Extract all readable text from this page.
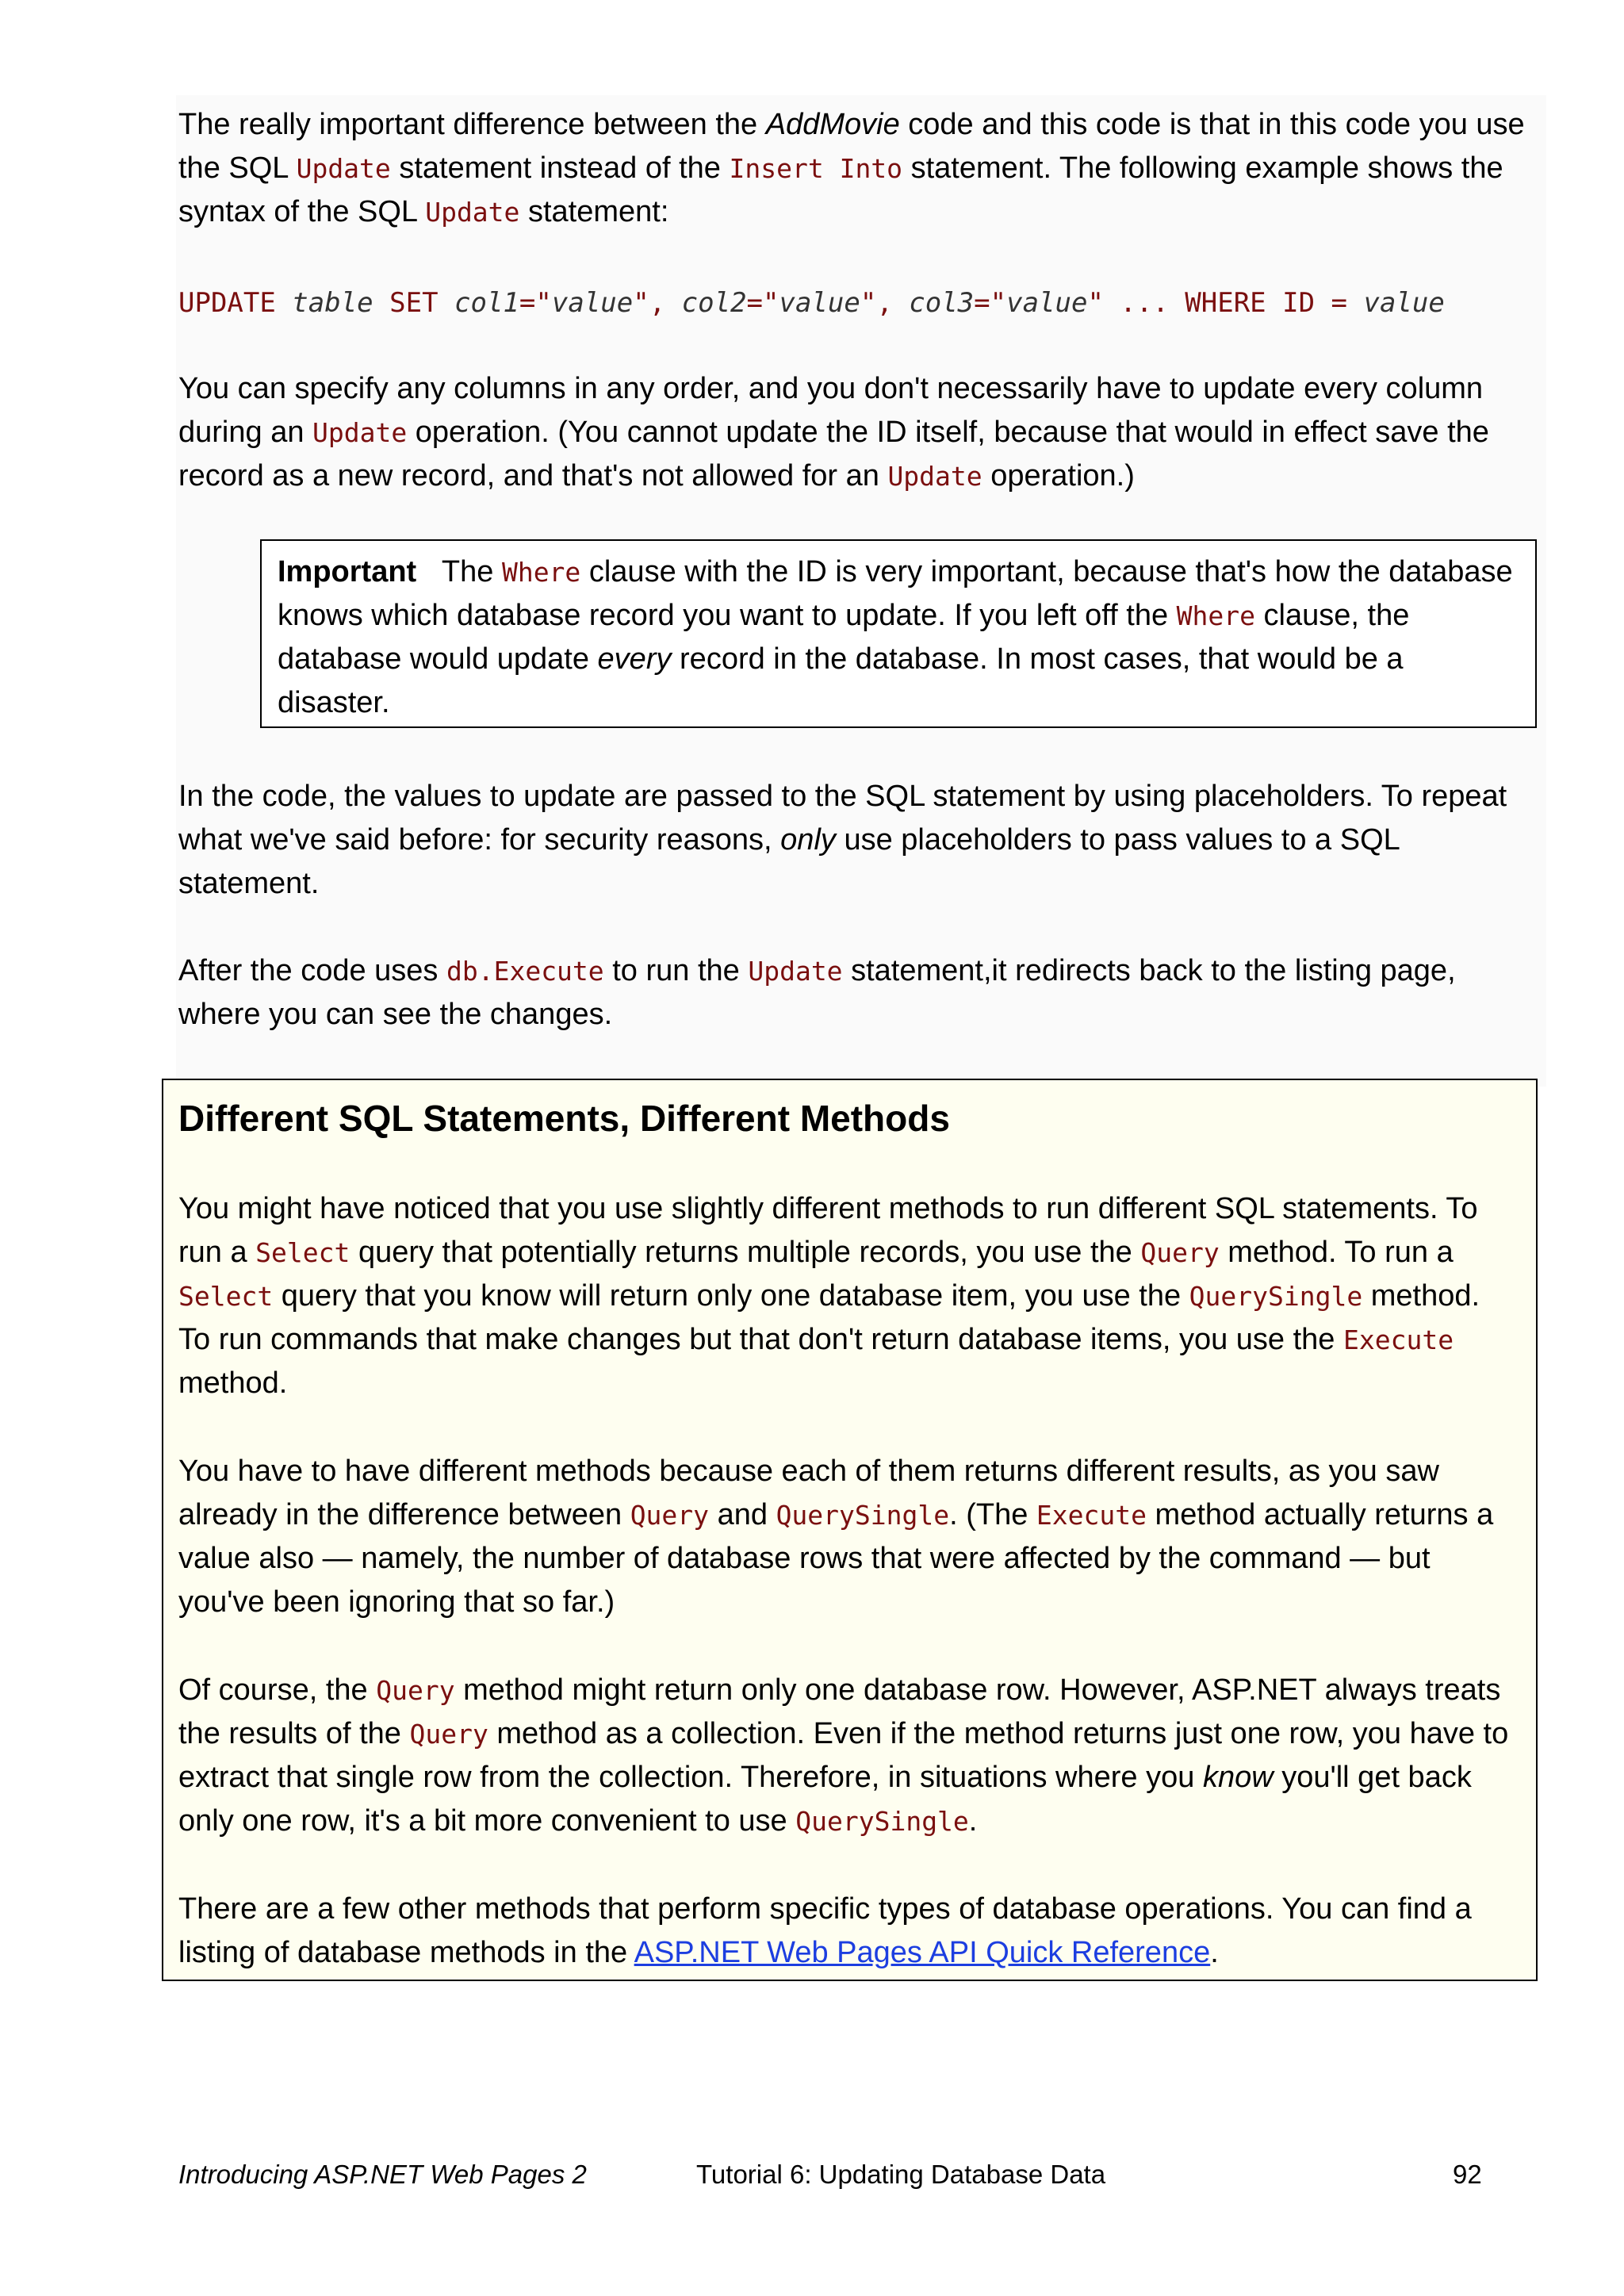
The really important difference between the AddMovie code and this code is that in this code you use the SQL Update statement instead of the Insert Into statement. The following example shows the syntax of the SQL Update statement:

UPDATE table SET col1="value", col2="value", col3="value" ... WHERE ID = value

You can specify any columns in any order, and you don't necessarily have to update every column during an Update operation. (You cannot update the ID itself, because that would in effect save the record as a new record, and that's not allowed for an Update operation.)

Important The Where clause with the ID is very important, because that's how the database knows which database record you want to update. If you left off the Where clause, the database would update every record in the database. In most cases, that would be a disaster.

In the code, the values to update are passed to the SQL statement by using placeholders. To repeat what we've said before: for security reasons, only use placeholders to pass values to a SQL statement.

After the code uses db.Execute to run the Update statement,it redirects back to the listing page, where you can see the changes.

Different SQL Statements, Different Methods

You might have noticed that you use slightly different methods to run different SQL statements. To run a Select query that potentially returns multiple records, you use the Query method. To run a Select query that you know will return only one database item, you use the QuerySingle method. To run commands that make changes but that don't return database items, you use the Execute method.

You have to have different methods because each of them returns different results, as you saw already in the difference between Query and QuerySingle. (The Execute method actually returns a value also — namely, the number of database rows that were affected by the command — but you've been ignoring that so far.)

Of course, the Query method might return only one database row. However, ASP.NET always treats the results of the Query method as a collection. Even if the method returns just one row, you have to extract that single row from the collection. Therefore, in situations where you know you'll get back only one row, it's a bit more convenient to use QuerySingle.

There are a few other methods that perform specific types of database operations. You can find a listing of database methods in the ASP.NET Web Pages API Quick Reference.

Introducing ASP.NET Web Pages 2	Tutorial 6: Updating Database Data	92
